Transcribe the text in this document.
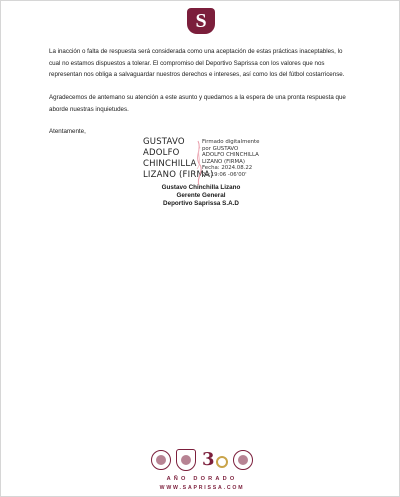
S

La inacción o falta de respuesta será considerada como una aceptación de estas prácticas inaceptables, lo cual no estamos dispuestos a tolerar. El compromiso del Deportivo Saprissa con los valores que nos representan nos obliga a salvaguardar nuestros derechos e intereses, así como los del fútbol costarricense.

Agradecemos de antemano su atención a este asunto y quedamos a la espera de una pronta respuesta que aborde nuestras inquietudes.

Atentamente,

GUSTAVO
ADOLFO
CHINCHILLA
LIZANO (FIRMA)
Firmado digitalmente
por GUSTAVO
ADOLFO CHINCHILLA
LIZANO (FIRMA)
Fecha: 2024.08.22
20:19:06 -06'00'
Gustavo Chinchilla Lizano
Gerente General
Deportivo Saprissa S.A.D
3
AÑO DORADO
WWW.SAPRISSA.COM
